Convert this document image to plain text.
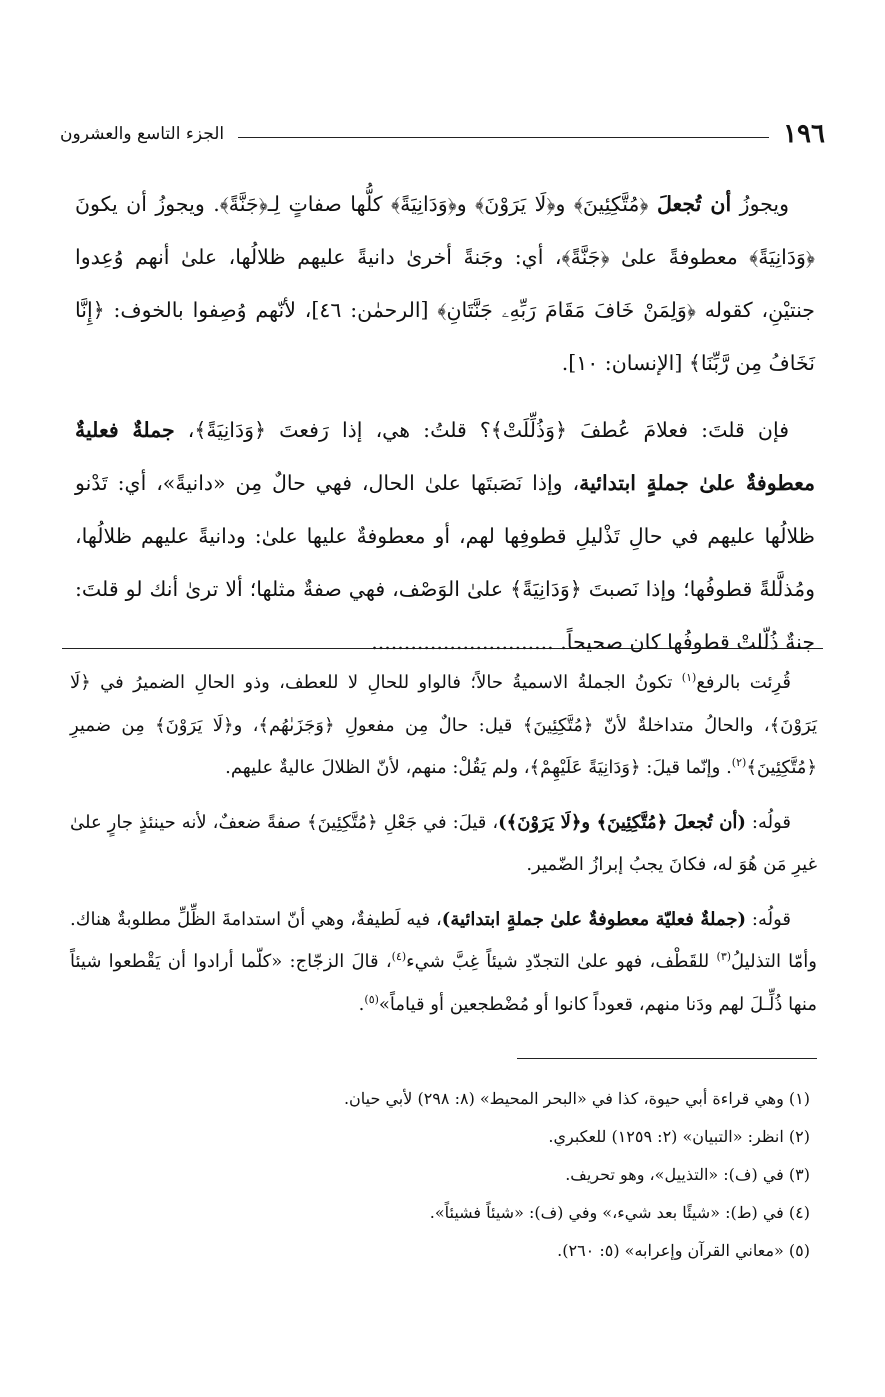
١٩٦
الجزء التاسع والعشرون

ويجوزُ أن تُجعلَ ﴿مُتَّكِئِينَ﴾ و﴿لَا يَرَوْنَ﴾ و﴿وَدَانِيَةً﴾ كلُّها صفاتٍ لِـ﴿جَنَّةً﴾. ويجوزُ أن يكونَ ﴿وَدَانِيَةً﴾ معطوفةً علىٰ ﴿جَنَّةً﴾، أي: وجَنةً أخرىٰ دانيةً عليهم ظلالُها، علىٰ أنهم وُعِدوا جنتيْنِ، كقوله ﴿وَلِمَنْ خَافَ مَقَامَ رَبِّهِۦ جَنَّتَانِ﴾ [الرحمٰن: ٤٦]، لأنّهم وُصِفوا بالخوف: ﴿إِنَّا نَخَافُ مِن رَّبِّنَا﴾ [الإنسان: ١٠].

فإن قلتَ: فعلامَ عُطفَ ﴿وَذُلِّلَتْ﴾؟ قلتُ: هي، إذا رَفعتَ ﴿وَدَانِيَةً﴾، جملةٌ فعليةٌ معطوفةٌ علىٰ جملةٍ ابتدائية، وإذا نَصَبتَها علىٰ الحال، فهي حالٌ مِن «دانيةً»، أي: تَدْنو ظلالُها عليهم في حالِ تَذْليلِ قطوفِها لهم، أو معطوفةٌ عليها علىٰ: ودانيةً عليهم ظلالُها، ومُذلَّلةً قطوفُها؛ وإذا نَصبتَ ﴿وَدَانِيَةً﴾ علىٰ الوَصْف، فهي صفةٌ مثلها؛ ألا ترىٰ أنك لو قلتَ: جنةٌ ذُلّلتْ قطوفُها كان صحيحاً. ............................

قُرِئت بالرفع$^{(١)}$ تكونُ الجملةُ الاسميةُ حالاً؛ فالواو للحالِ لا للعطف، وذو الحالِ الضميرُ في ﴿لَا يَرَوْنَ﴾، والحالُ متداخلةٌ لأنّ ﴿مُتَّكِئِينَ﴾ قيل: حالٌ مِن مفعولِ ﴿وَجَزَىٰهُم﴾، و﴿لَا يَرَوْنَ﴾ مِن ضميرِ ﴿مُتَّكِئِينَ﴾$^{(٢)}$. وإنّما قيلَ: ﴿وَدَانِيَةً عَلَيْهِمْ﴾، ولم يَقُلْ: منهم، لأنّ الظلالَ عاليةٌ عليهم.

قولُه: (أن تُجعلَ ﴿مُتَّكِئِينَ﴾ و﴿لَا يَرَوْنَ﴾)، قيلَ: في جَعْلِ ﴿مُتَّكِئِينَ﴾ صفةً ضعفٌ، لأنه حينئذٍ جارٍ علىٰ غيرِ مَن هُوَ له، فكانَ يجبُ إبرازُ الضّمير.

قولُه: (جملةٌ فعليّة معطوفةٌ علىٰ جملةٍ ابتدائية)، فيه لَطيفةٌ، وهي أنّ استدامةَ الظِّلِّ مطلوبةٌ هناك. وأمّا التذليلُ$^{(٣)}$ للقَطْف، فهو علىٰ التجدّدِ شيئاً غِبَّ شيء$^{(٤)}$، قالَ الزجّاج: «كلّما أرادوا أن يَقْطعوا شيئاً منها ذُلِّـلَ لهم ودَنا منهم، قعوداً كانوا أو مُضْطجعين أو قياماً»$^{(٥)}$.

(١) وهي قراءة أبي حيوة، كذا في «البحر المحيط» (٨: ٢٩٨) لأبي حيان.

(٢) انظر: «التبيان» (٢: ١٢٥٩) للعكبري.

(٣) في (ف): «التذييل»، وهو تحريف.

(٤) في (ط): «شيئًا بعد شيء،» وفي (ف): «شيئاً فشيئاً».

(٥) «معاني القرآن وإعرابه» (٥: ٢٦٠).
